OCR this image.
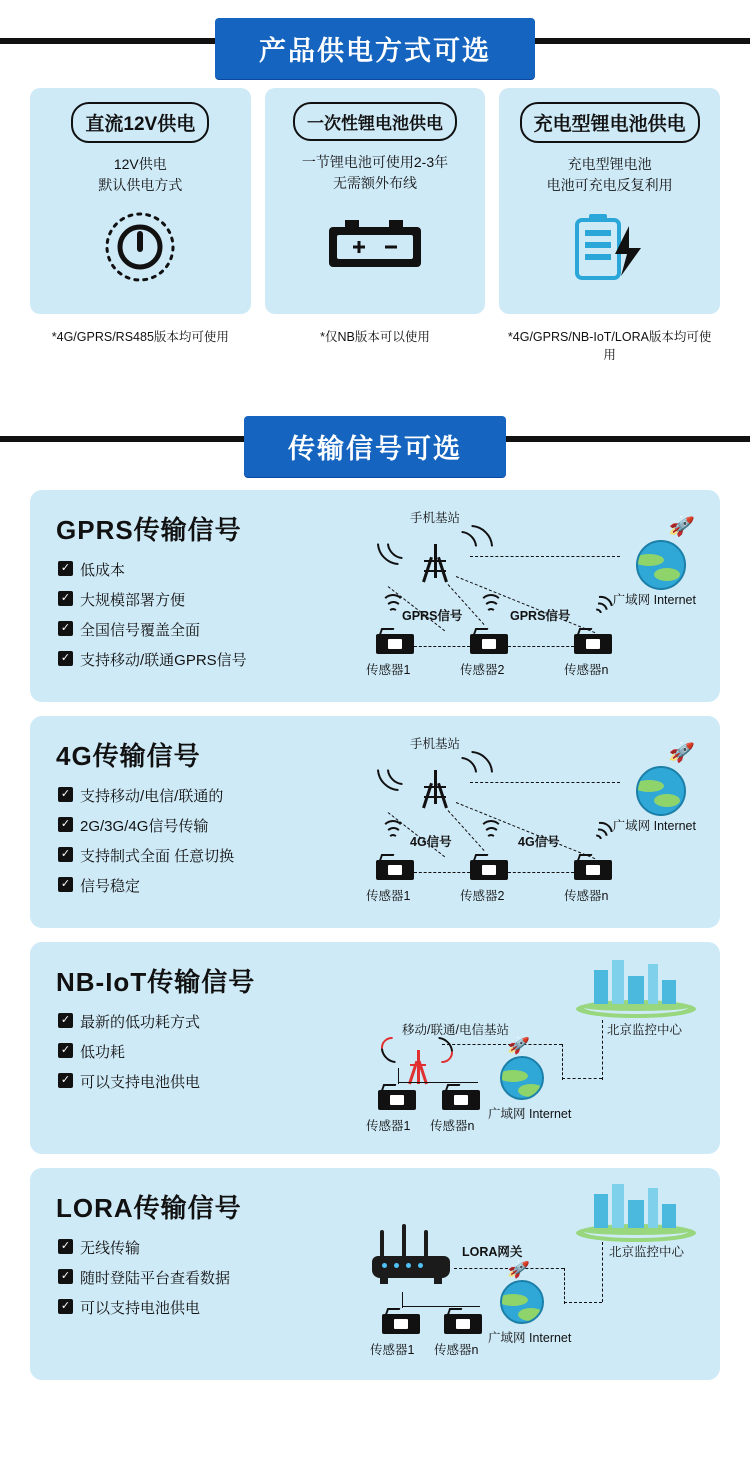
产品供电方式可选
直流12V供电
12V供电
默认供电方式
一次性锂电池供电
一节锂电池可使用2-3年
无需额外布线
充电型锂电池供电
充电型锂电池
电池可充电反复利用
*4G/GPRS/RS485版本均可使用	*仅NB版本可以使用	*4G/GPRS/NB-IoT/LORA版本均可使用
传输信号可选
GPRS传输信号
✓ 低成本
✓ 大规模部署方便
✓ 全国信号覆盖全面
✓ 支持移动/联通GPRS信号
手机基站	🚀
广域网 Internet
GPRS信号	GPRS信号
传感器1	传感器2	传感器n
4G传输信号
✓ 支持移动/电信/联通的
✓ 2G/3G/4G信号传输
✓ 支持制式全面 任意切换
✓ 信号稳定
手机基站	🚀
广域网 Internet
4G信号	4G信号
传感器1	传感器2	传感器n
NB-IoT传输信号
✓ 最新的低功耗方式
✓ 低功耗
✓ 可以支持电池供电
北京监控中心
移动/联通/电信基站
🚀
广域网 Internet
传感器1 传感器n
LORA传输信号
✓ 无线传输
✓ 随时登陆平台查看数据
✓ 可以支持电池供电
北京监控中心
LORA网关
🚀
广域网 Internet
传感器1 传感器n
